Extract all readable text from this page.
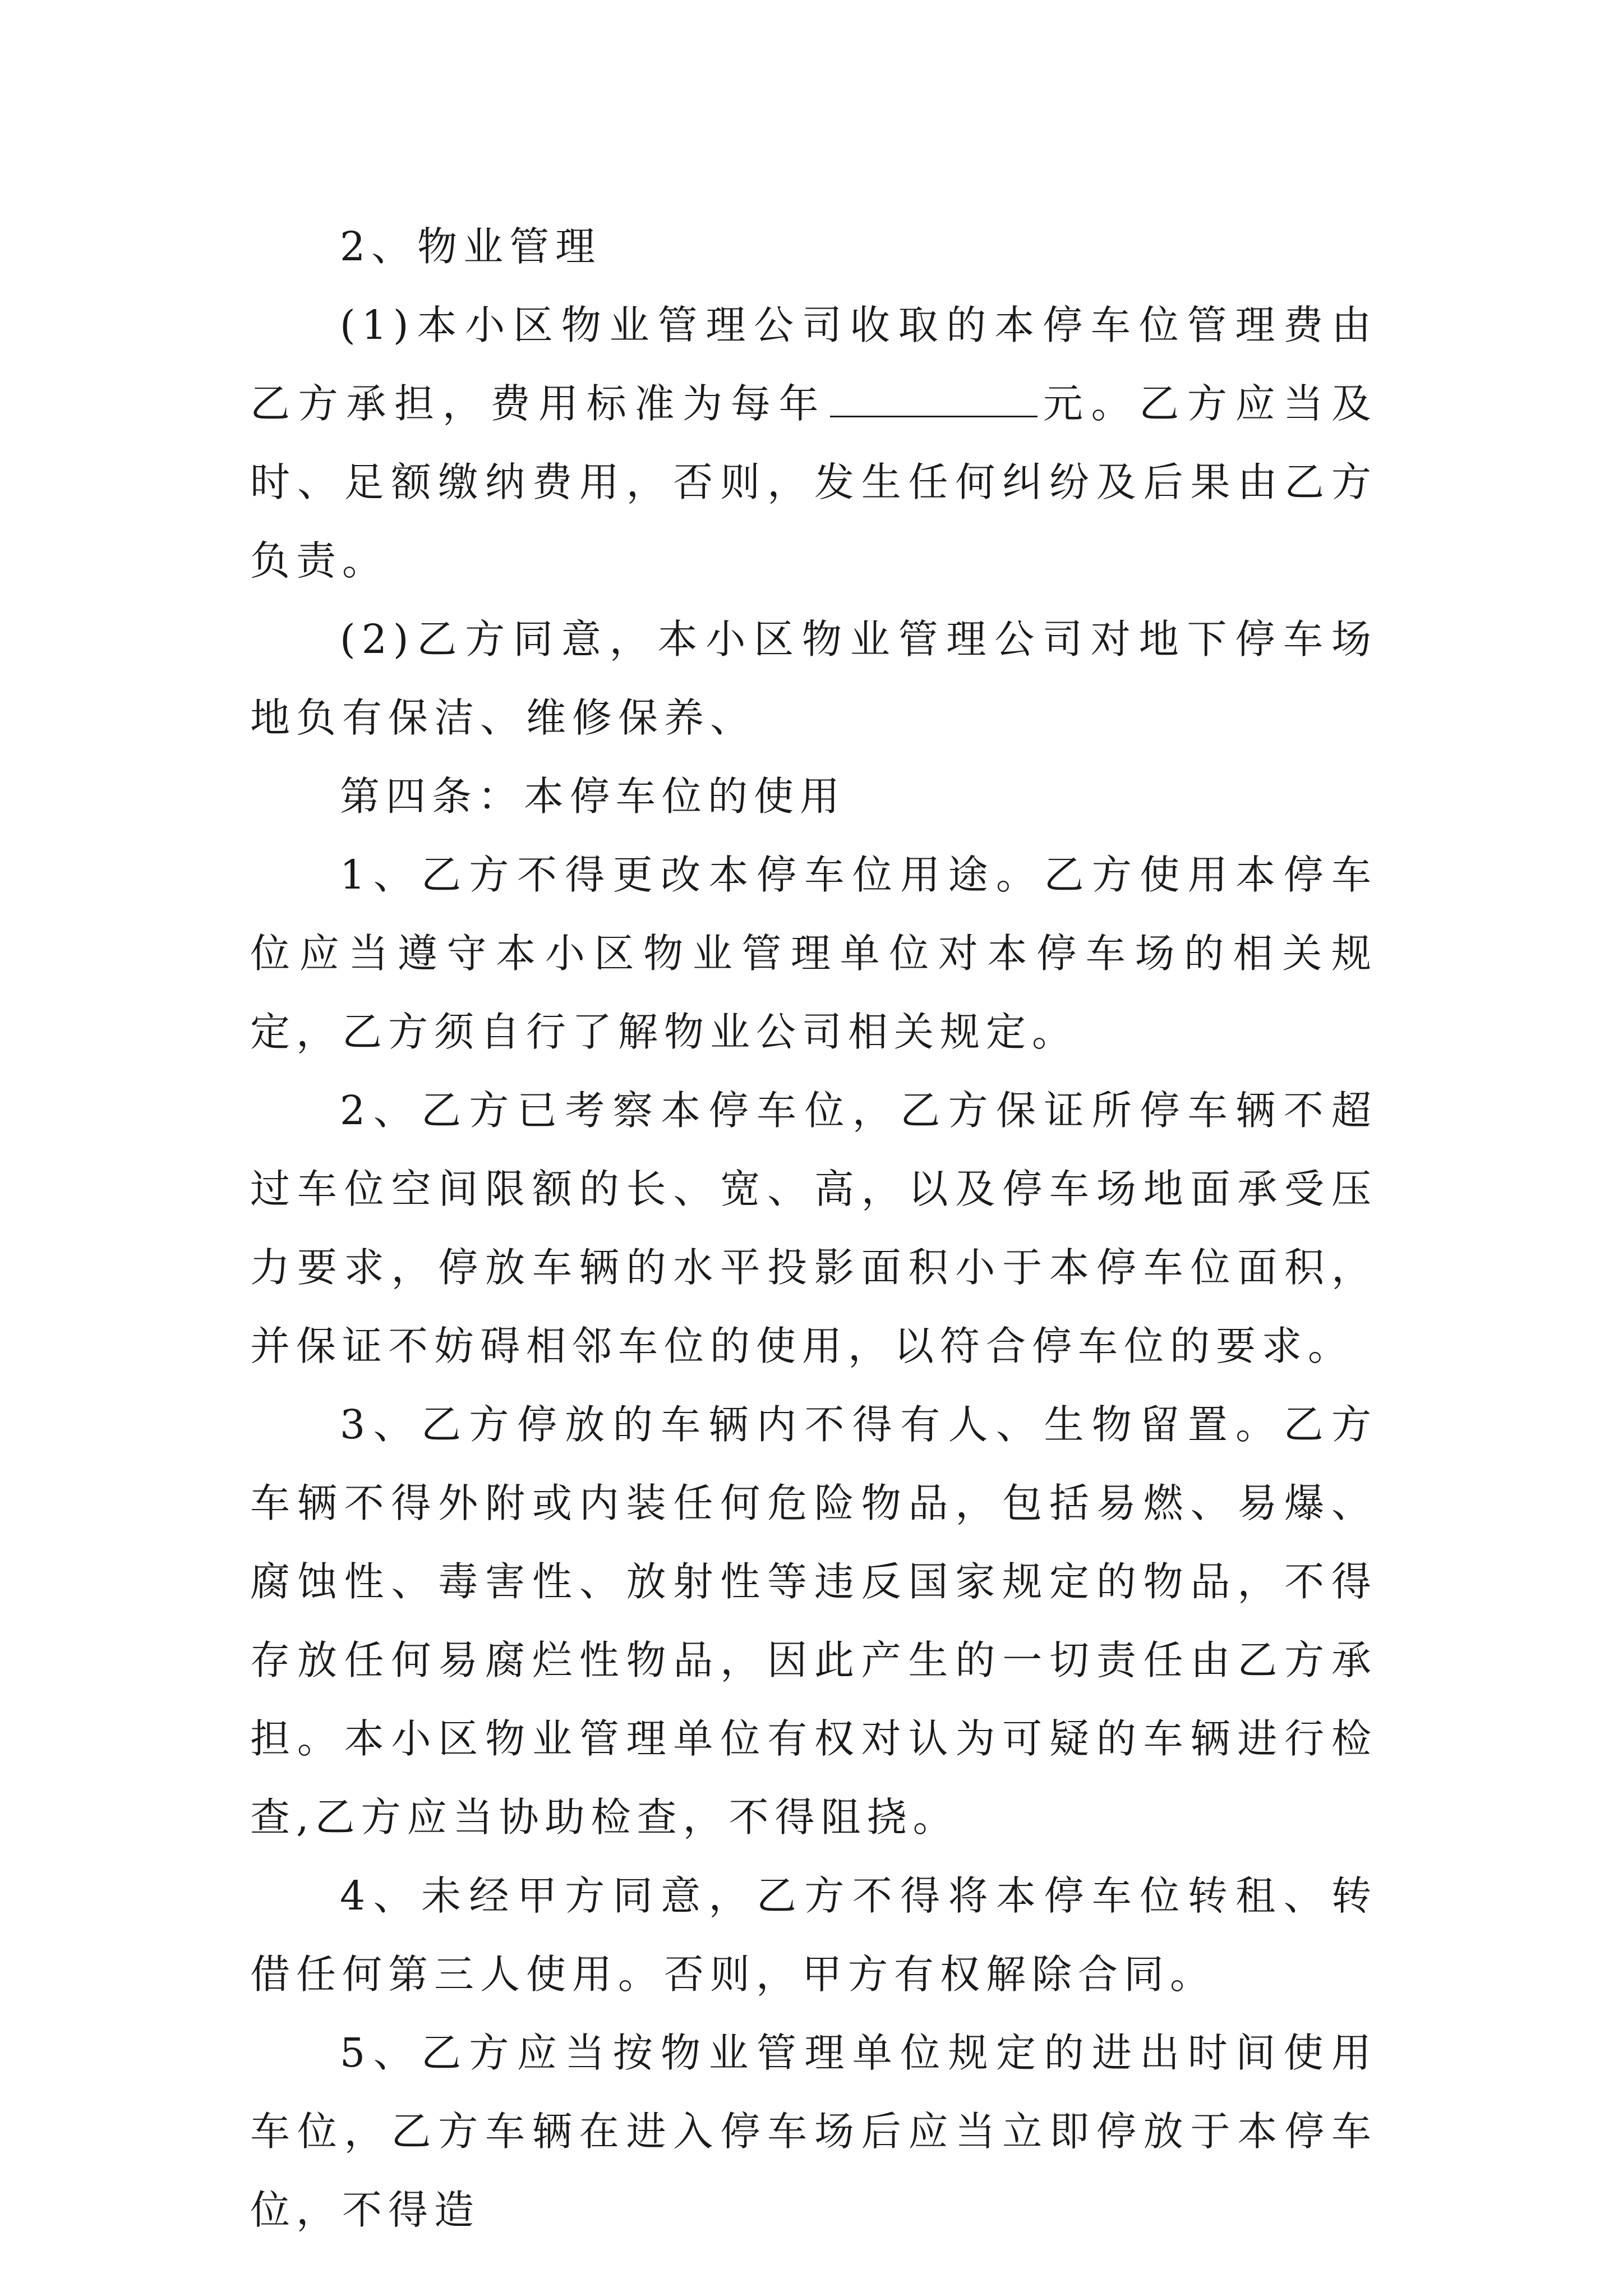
2、物业管理

(1)本小区物业管理公司收取的本停车位管理费由乙方承担，费用标准为每年	元。乙方应当及时、足额缴纳费用，否则，发生任何纠纷及后果由乙方负责。

(2)乙方同意，本小区物业管理公司对地下停车场地负有保洁、维修保养、

第四条：本停车位的使用

1、乙方不得更改本停车位用途。乙方使用本停车位应当遵守本小区物业管理单位对本停车场的相关规定，乙方须自行了解物业公司相关规定。

2、乙方已考察本停车位，乙方保证所停车辆不超过车位空间限额的长、宽、高，以及停车场地面承受压力要求，停放车辆的水平投影面积小于本停车位面积，并保证不妨碍相邻车位的使用，以符合停车位的要求。

3、乙方停放的车辆内不得有人、生物留置。乙方车辆不得外附或内装任何危险物品，包括易燃、易爆、腐蚀性、毒害性、放射性等违反国家规定的物品，不得存放任何易腐烂性物品，因此产生的一切责任由乙方承担。本小区物业管理单位有权对认为可疑的车辆进行检查,乙方应当协助检查，不得阻挠。

4、未经甲方同意，乙方不得将本停车位转租、转借任何第三人使用。否则，甲方有权解除合同。

5、乙方应当按物业管理单位规定的进出时间使用车位，乙方车辆在进入停车场后应当立即停放于本停车位，不得造
